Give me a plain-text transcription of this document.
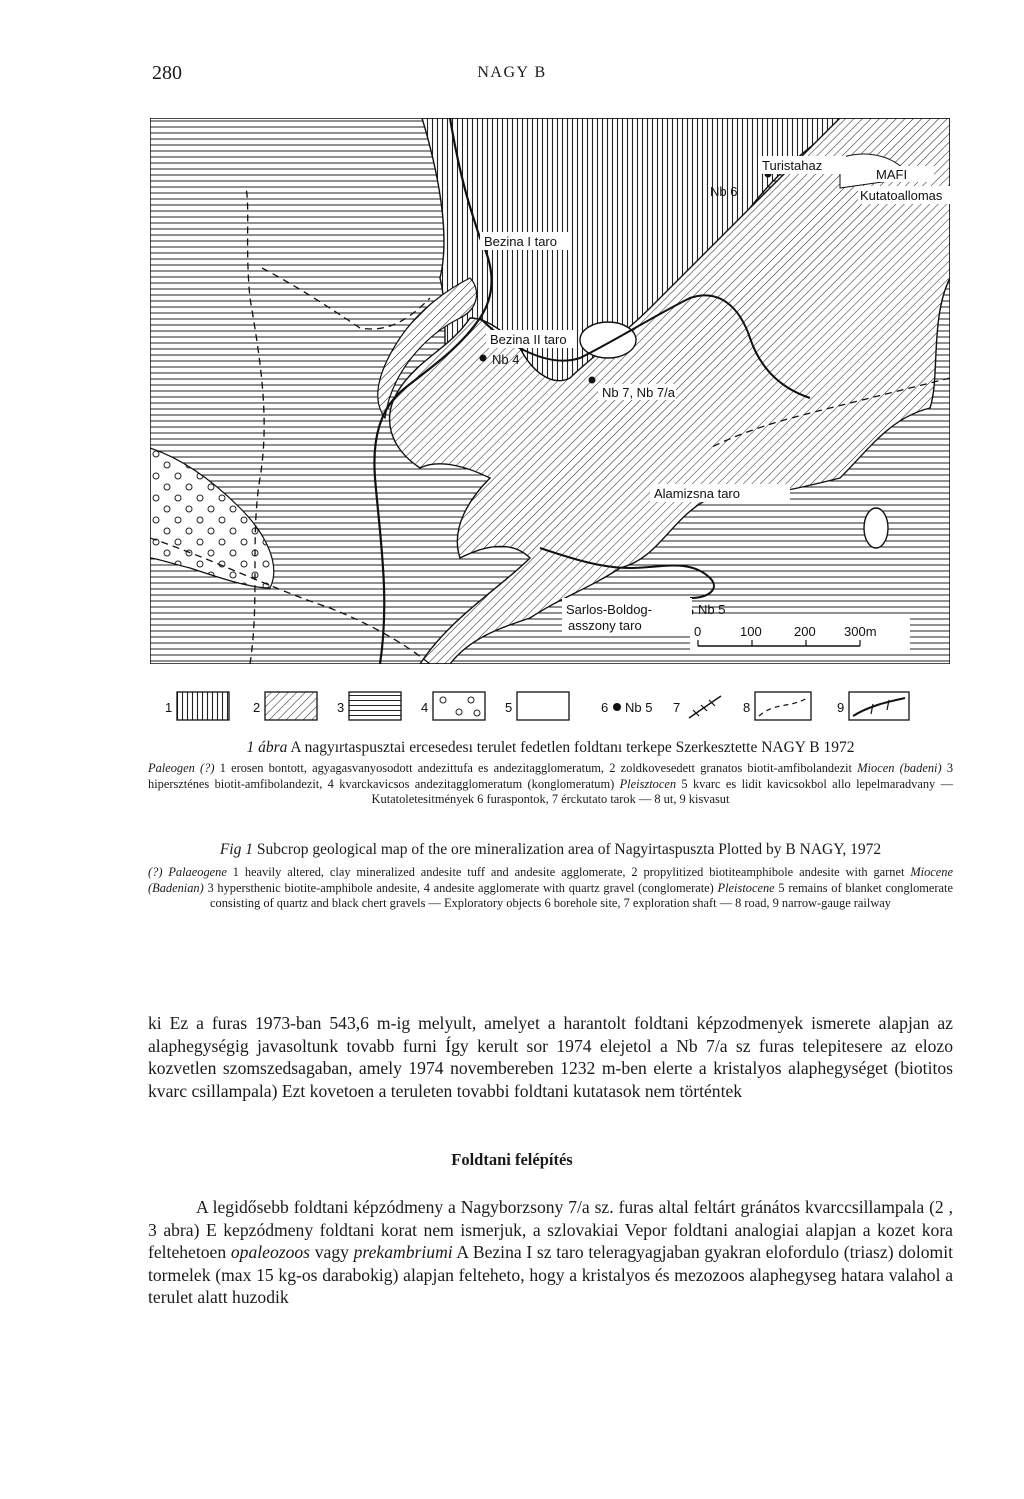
280	NAGY B
Turistahaz
MAFI
Kutatoallomas
Nb 6
Bezina I taro
Bezina II taro
Nb 4
Nb 7, Nb 7/a
Alamizsna taro
Sarlos-Boldog-
asszony taro
Nb 5
0	100 200 300m
1	2	3	4	5	6 Nb 5 7	8	9
1 ábra A nagyırtaspusztai ercesedesı terulet fedetlen foldtanı terkepe Szerkesztette NAGY B 1972
Paleogen (?) 1 erosen bontott, agyagasvanyosodott andezittufa es andezitagglomeratum, 2 zoldkovesedett granatos biotit-amfibolandezit Miocen (badeni) 3 hiperszténes biotit-amfibolandezit, 4 kvarckavicsos andezitagglomeratum (konglomeratum) Pleisztocen 5 kvarc es lidit kavicsokbol allo lepelmaradvany — Kutatoletesitmények 6 furaspontok, 7 érckutato tarok — 8 ut, 9 kisvasut
Fig 1 Subcrop geological map of the ore mineralization area of Nagyirtaspuszta Plotted by B NAGY, 1972
(?) Palaeogene 1 heavily altered, clay mineralized andesite tuff and andesite agglomerate, 2 propylitized biotiteamphibole andesite with garnet Miocene (Badenian) 3 hypersthenic biotite-amphibole andesite, 4 andesite agglomerate with quartz gravel (conglomerate) Pleistocene 5 remains of blanket conglomerate consisting of quartz and black chert gravels — Exploratory objects 6 borehole site, 7 exploration shaft — 8 road, 9 narrow-gauge railway
ki Ez a furas 1973-ban 543,6 m-ig melyult, amelyet a harantolt foldtani képzodmenyek ismerete alapjan az alaphegységig javasoltunk tovabb furni Így kerult sor 1974 elejetol a Nb 7/a sz furas telepitesere az elozo kozvetlen szomszedsagaban, amely 1974 novembereben 1232 m-ben elerte a kristalyos alaphegységet (biotitos kvarc csillampala) Ezt kovetoen a teruleten tovabbi foldtani kutatasok nem történtek
Foldtani felépítés
A legidősebb foldtani képzódmeny a Nagyborzsony 7/a sz. furas altal feltárt gránátos kvarccsillampala (2 , 3 abra) E kepzódmeny foldtani korat nem ismerjuk, a szlovakiai Vepor foldtani analogiai alapjan a kozet kora feltehetoen opaleozoos vagy prekambriumi A Bezina I sz taro teleragyagjaban gyakran elofordulo (triasz) dolomit tormelek (max 15 kg-os darabokig) alapjan felteheto, hogy a kristalyos és mezozoos alaphegyseg hatara valahol a terulet alatt huzodik
